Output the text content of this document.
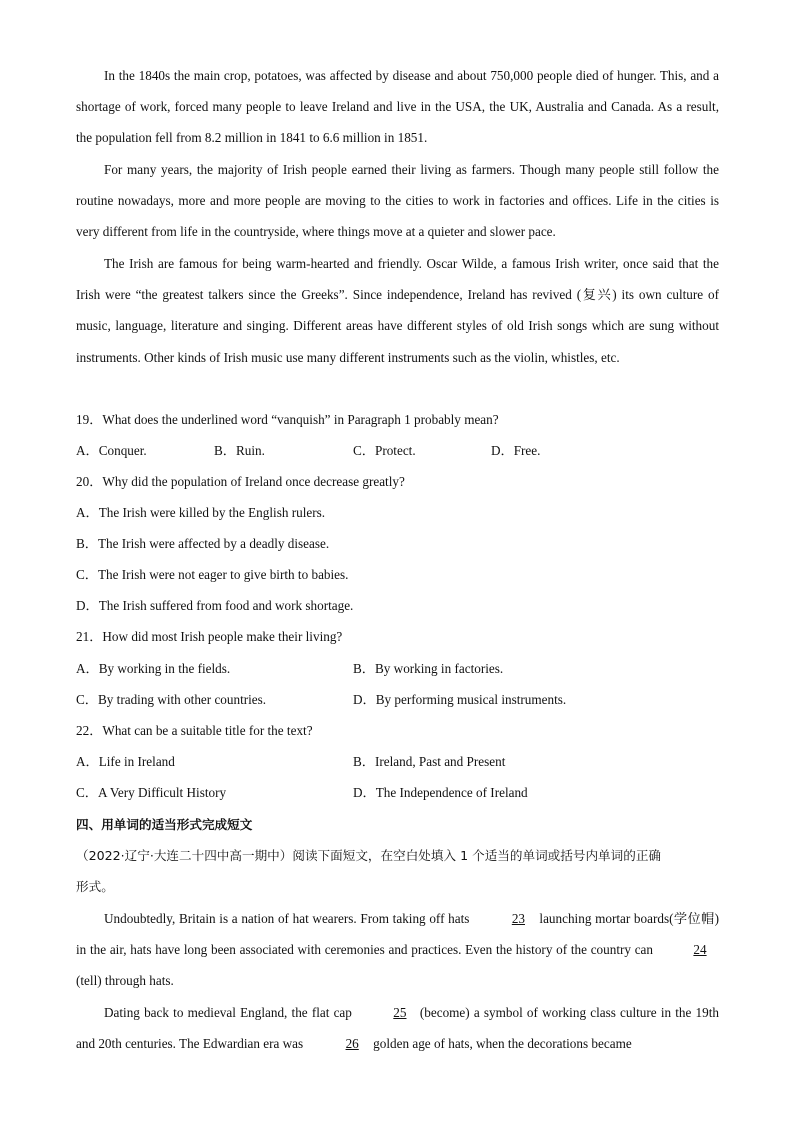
In the 1840s the main crop, potatoes, was affected by disease and about 750,000 people died of hunger. This, and a shortage of work, forced many people to leave Ireland and live in the USA, the UK, Australia and Canada. As a result, the population fell from 8.2 million in 1841 to 6.6 million in 1851.
For many years, the majority of Irish people earned their living as farmers. Though many people still follow the routine nowadays, more and more people are moving to the cities to work in factories and offices. Life in the cities is very different from life in the countryside, where things move at a quieter and slower pace.
The Irish are famous for being warm-hearted and friendly. Oscar Wilde, a famous Irish writer, once said that the Irish were “the greatest talkers since the Greeks”. Since independence, Ireland has revived (复兴) its own culture of music, language, literature and singing. Different areas have different styles of old Irish songs which are sung without instruments. Other kinds of Irish music use many different instruments such as the violin, whistles, etc.
19．What does the underlined word “vanquish” in Paragraph 1 probably mean?
A．Conquer.	B．Ruin.	C．Protect.	D．Free.
20．Why did the population of Ireland once decrease greatly?
A．The Irish were killed by the English rulers.
B．The Irish were affected by a deadly disease.
C．The Irish were not eager to give birth to babies.
D．The Irish suffered from food and work shortage.
21．How did most Irish people make their living?
A．By working in the fields.	B．By working in factories.
C．By trading with other countries.	D．By performing musical instruments.
22．What can be a suitable title for the text?
A．Life in Ireland	B．Ireland, Past and Present
C．A Very Difficult History	D．The Independence of Ireland
四、用单词的适当形式完成短文
（2022·辽宁·大连二十四中高一期中）阅读下面短文，在空白处填入 1 个适当的单词或括号内单词的正确
形式。
Undoubtedly, Britain is a nation of hat wearers. From taking off hats	23 launching mortar boards(学位帽) in the air, hats have long been associated with ceremonies and practices. Even the history of the country can	24(tell) through hats.
Dating back to medieval England, the flat cap	25 (become) a symbol of working class culture in the 19th and 20th centuries. The Edwardian era was	26 golden age of hats, when the decorations became
